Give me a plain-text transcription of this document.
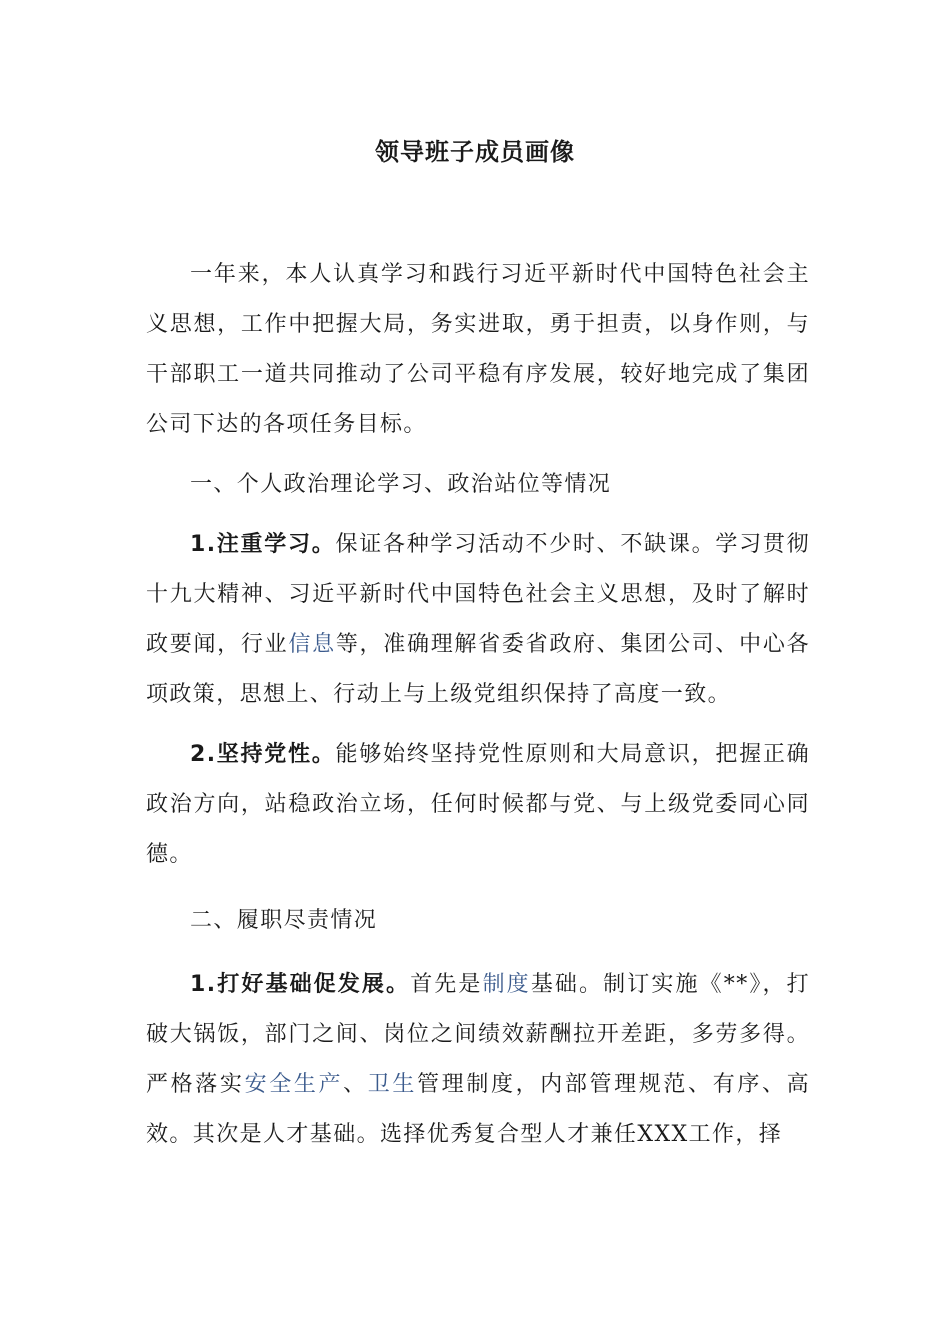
领导班子成员画像

一年来，本人认真学习和践行习近平新时代中国特色社会主义思想，工作中把握大局，务实进取，勇于担责，以身作则，与干部职工一道共同推动了公司平稳有序发展，较好地完成了集团公司下达的各项任务目标。

一、个人政治理论学习、政治站位等情况

1.注重学习。保证各种学习活动不少时、不缺课。学习贯彻十九大精神、习近平新时代中国特色社会主义思想，及时了解时政要闻，行业信息等，准确理解省委省政府、集团公司、中心各项政策，思想上、行动上与上级党组织保持了高度一致。

2.坚持党性。能够始终坚持党性原则和大局意识，把握正确政治方向，站稳政治立场，任何时候都与党、与上级党委同心同德。

二、履职尽责情况

1.打好基础促发展。首先是制度基础。制订实施《**》，打破大锅饭，部门之间、岗位之间绩效薪酬拉开差距，多劳多得。严格落实安全生产、卫生管理制度，内部管理规范、有序、高效。其次是人才基础。选择优秀复合型人才兼任XXX工作，择
